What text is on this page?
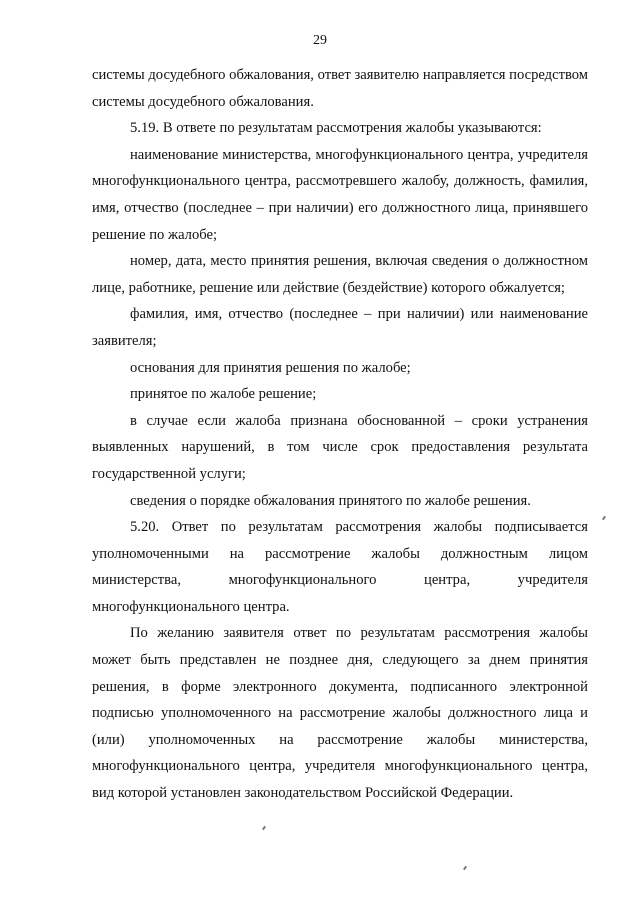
29

системы досудебного обжалования, ответ заявителю направляется посредством системы досудебного обжалования.

5.19. В ответе по результатам рассмотрения жалобы указываются:

наименование министерства, многофункционального центра, учредителя многофункционального центра, рассмотревшего жалобу, должность, фамилия, имя, отчество (последнее – при наличии) его должностного лица, принявшего решение по жалобе;

номер, дата, место принятия решения, включая сведения о должностном лице, работнике, решение или действие (бездействие) которого обжалуется;

фамилия, имя, отчество (последнее – при наличии) или наименование заявителя;

основания для принятия решения по жалобе;

принятое по жалобе решение;

в случае если жалоба признана обоснованной – сроки устранения выявленных нарушений, в том числе срок предоставления результата государственной услуги;

сведения о порядке обжалования принятого по жалобе решения.

5.20. Ответ по результатам рассмотрения жалобы подписывается уполномоченными на рассмотрение жалобы должностным лицом министерства, многофункционального центра, учредителя многофункционального центра.

По желанию заявителя ответ по результатам рассмотрения жалобы может быть представлен не позднее дня, следующего за днем принятия решения, в форме электронного документа, подписанного электронной подписью уполномоченного на рассмотрение жалобы должностного лица и (или) уполномоченных на рассмотрение жалобы министерства, многофункционального центра, учредителя многофункционального центра, вид которой установлен законодательством Российской Федерации.
